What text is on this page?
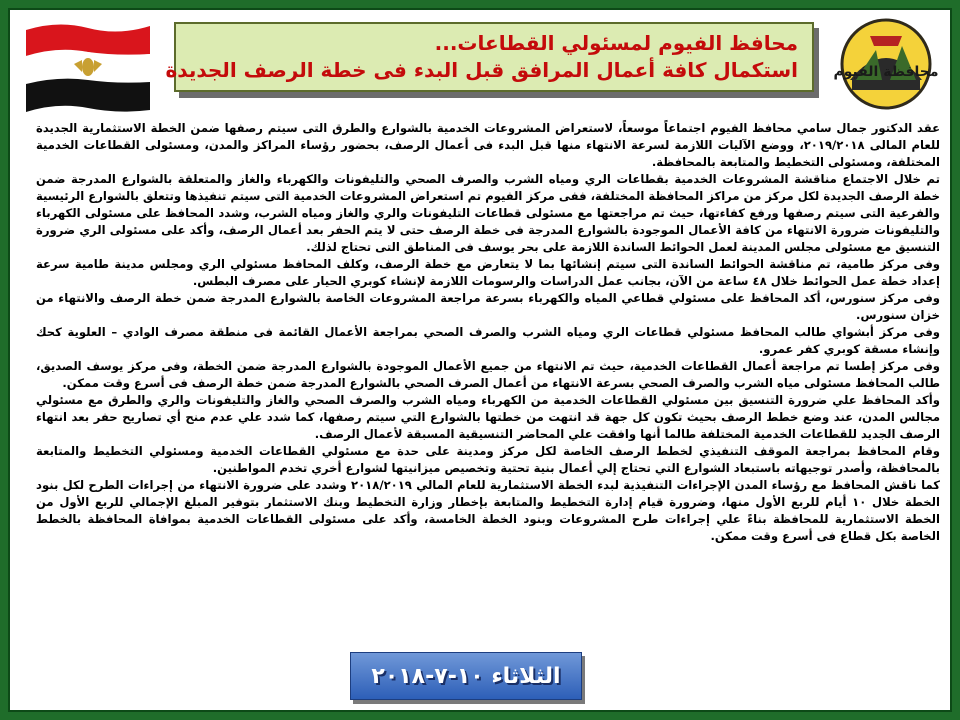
محافظ الفيوم لمسئولي القطاعات...
استكمال كافة أعمال المرافق قبل البدء فى خطة الرصف الجديدة	محافظة الفيوم

عقد الدكتور جمال سامي محافظ الفيوم اجتماعاً موسعاً، لاستعراض المشروعات الخدمية بالشوارع والطرق التى سيتم رصفها ضمن الخطة الاستثمارية الجديدة للعام المالى ٢٠١٩/٢٠١٨، ووضع الآليات اللازمة لسرعة الانتهاء منها قبل البدء فى أعمال الرصف، بحضور رؤساء المراكز والمدن، ومسئولى القطاعات الخدمية المختلفة، ومسئولى التخطيط والمتابعة بالمحافظة.

تم خلال الاجتماع مناقشة المشروعات الخدمية بقطاعات الري ومياه الشرب والصرف الصحي والتليفونات والكهرباء والغاز والمتعلقة بالشوارع المدرجة ضمن خطة الرصف الجديدة لكل مركز من مراكز المحافظة المختلفة، ففى مركز الفيوم تم استعراض المشروعات الخدمية التى سيتم تنفيذها وتتعلق بالشوارع الرئيسية والفرعية التى سيتم رصفها ورفع كفاءتها، حيث تم مراجعتها مع مسئولى قطاعات التليفونات والري والغاز ومياه الشرب، وشدد المحافظ على مسئولى الكهرباء والتليفونات ضرورة الانتهاء من كافة الأعمال الموجودة بالشوارع المدرجة فى خطة الرصف حتى لا يتم الحفر بعد أعمال الرصف، وأكد على مسئولى الري ضرورة التنسيق مع مسئولى مجلس المدينة لعمل الحوائط الساندة اللازمة على بحر يوسف فى المناطق التى تحتاج لذلك.

وفى مركز طامية، تم مناقشة الحوائط الساندة التى سيتم إنشائها بما لا يتعارض مع خطة الرصف، وكلف المحافظ مسئولي الري ومجلس مدينة طامية سرعة إعداد خطة عمل الحوائط خلال ٤٨ ساعة من الآن، بجانب عمل الدراسات والرسومات اللازمة لإنشاء كوبري الحيار على مصرف البطس.

وفى مركز سنورس، أكد المحافظ على مسئولي قطاعي المياه والكهرباء بسرعة مراجعة المشروعات الخاصة بالشوارع المدرجة ضمن خطة الرصف والانتهاء من خزان سنورس.

وفى مركز أبشواي طالب المحافظ مسئولي قطاعات الري ومياه الشرب والصرف الصحي بمراجعة الأعمال القائمة فى منطقة مصرف الوادي – العلوية كحك وإنشاء مسقة كوبري كفر عمرو.

وفى مركز إطسا تم مراجعة أعمال القطاعات الخدمية، حيث تم الانتهاء من جميع الأعمال الموجودة بالشوارع المدرجة ضمن الخطة، وفى مركز يوسف الصديق، طالب المحافظ مسئولى مياه الشرب والصرف الصحي بسرعة الانتهاء من أعمال الصرف الصحي بالشوارع المدرجة ضمن خطة الرصف فى أسرع وقت ممكن.

وأكد المحافظ علي ضرورة التنسيق بين مسئولي القطاعات الخدمية من الكهرباء ومياه الشرب والصرف الصحي والغاز والتليفونات والري والطرق مع مسئولي مجالس المدن، عند وضع خطط الرصف بحيث تكون كل جهة قد انتهت من خطتها بالشوارع التي سيتم رصفها، كما شدد علي عدم منح أي تصاريح حفر بعد انتهاء الرصف الجديد للقطاعات الخدمية المختلفة طالما أنها وافقت علي المحاضر التنسيقية المسبقة لأعمال الرصف.

وقام المحافظ بمراجعة الموقف التنفيذي لخطط الرصف الخاصة لكل مركز ومدينة على حدة مع مسئولي القطاعات الخدمية ومسئولي التخطيط والمتابعة بالمحافظة، وأصدر توجيهاته باستبعاد الشوارع التي تحتاج إلي أعمال بنية تحتية وتخصيص ميزانيتها لشوارع أخري تخدم المواطنين.

كما ناقش المحافظ مع رؤساء المدن الإجراءات التنفيذية لبدء الخطة الاستثمارية للعام المالي ٢٠١٨/٢٠١٩ وشدد على ضرورة الانتهاء من إجراءات الطرح لكل بنود الخطة خلال ١٠ أيام للربع الأول منها، وضرورة قيام إدارة التخطيط والمتابعة بإخطار وزارة التخطيط وبنك الاستثمار بتوفير المبلغ الإجمالي للربع الأول من الخطة الاستثمارية للمحافظة بناءً علي إجراءات طرح المشروعات وبنود الخطة الخامسة، وأكد على مسئولى القطاعات الخدمية بموافاة المحافظة بالخطط الخاصة بكل قطاع فى أسرع وقت ممكن.

الثلاثاء ١٠-٧-٢٠١٨
